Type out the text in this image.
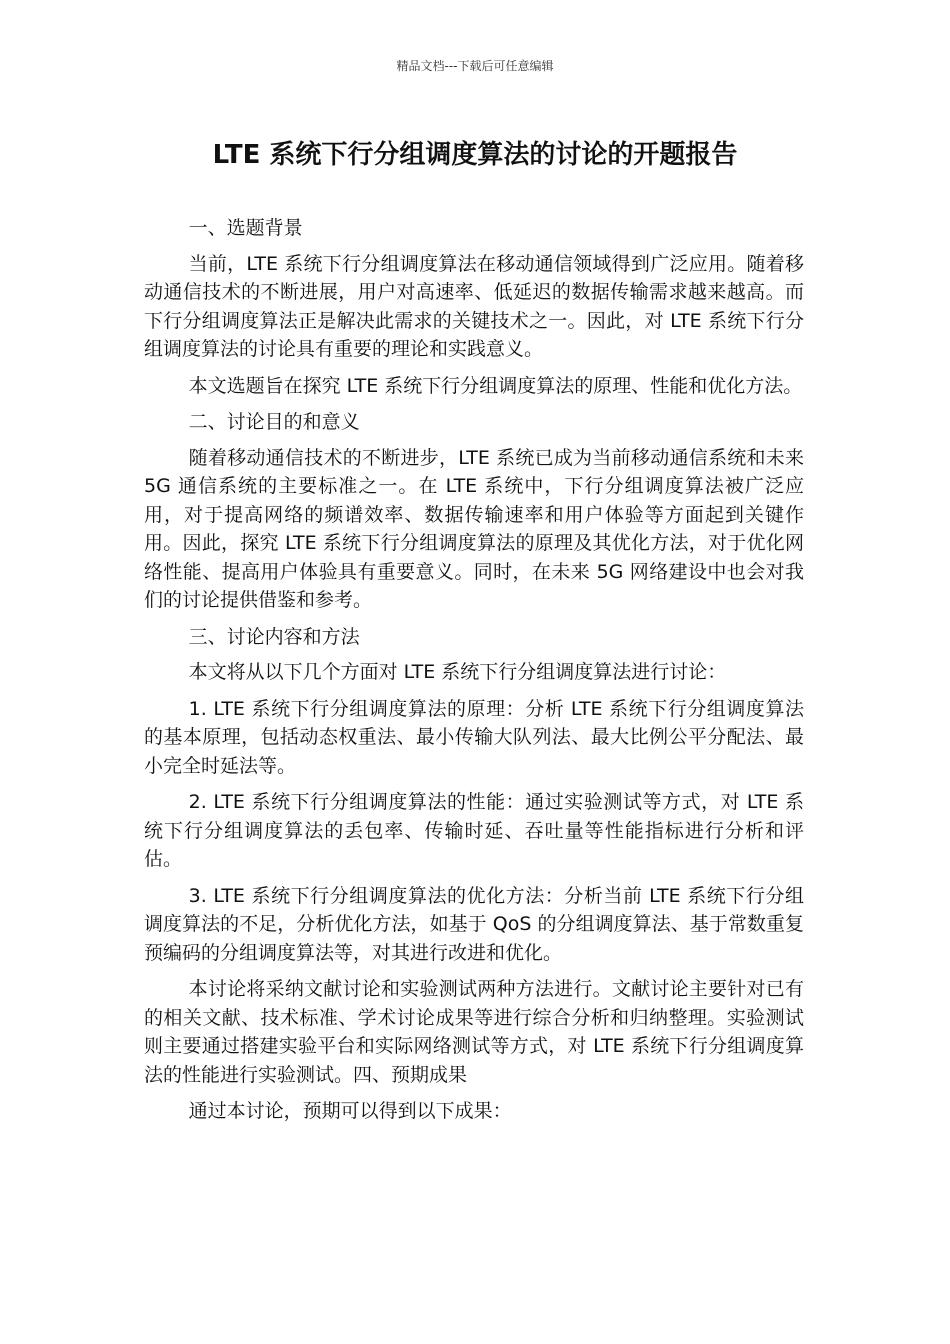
精品文档---下载后可任意编辑
LTE 系统下行分组调度算法的讨论的开题报告

一、选题背景

当前，LTE 系统下行分组调度算法在移动通信领域得到广泛应用。随着移动通信技术的不断进展，用户对高速率、低延迟的数据传输需求越来越高。而下行分组调度算法正是解决此需求的关键技术之一。因此，对 LTE 系统下行分组调度算法的讨论具有重要的理论和实践意义。

本文选题旨在探究 LTE 系统下行分组调度算法的原理、性能和优化方法。

二、讨论目的和意义

随着移动通信技术的不断进步，LTE 系统已成为当前移动通信系统和未来 5G 通信系统的主要标准之一。在 LTE 系统中，下行分组调度算法被广泛应用，对于提高网络的频谱效率、数据传输速率和用户体验等方面起到关键作用。因此，探究 LTE 系统下行分组调度算法的原理及其优化方法，对于优化网络性能、提高用户体验具有重要意义。同时，在未来 5G 网络建设中也会对我们的讨论提供借鉴和参考。

三、讨论内容和方法

本文将从以下几个方面对 LTE 系统下行分组调度算法进行讨论：

1. LTE 系统下行分组调度算法的原理：分析 LTE 系统下行分组调度算法的基本原理，包括动态权重法、最小传输大队列法、最大比例公平分配法、最小完全时延法等。

2. LTE 系统下行分组调度算法的性能：通过实验测试等方式，对 LTE 系统下行分组调度算法的丢包率、传输时延、吞吐量等性能指标进行分析和评估。

3. LTE 系统下行分组调度算法的优化方法：分析当前 LTE 系统下行分组调度算法的不足，分析优化方法，如基于 QoS 的分组调度算法、基于常数重复预编码的分组调度算法等，对其进行改进和优化。

本讨论将采纳文献讨论和实验测试两种方法进行。文献讨论主要针对已有的相关文献、技术标准、学术讨论成果等进行综合分析和归纳整理。实验测试则主要通过搭建实验平台和实际网络测试等方式，对 LTE 系统下行分组调度算法的性能进行实验测试。四、预期成果

通过本讨论，预期可以得到以下成果：
